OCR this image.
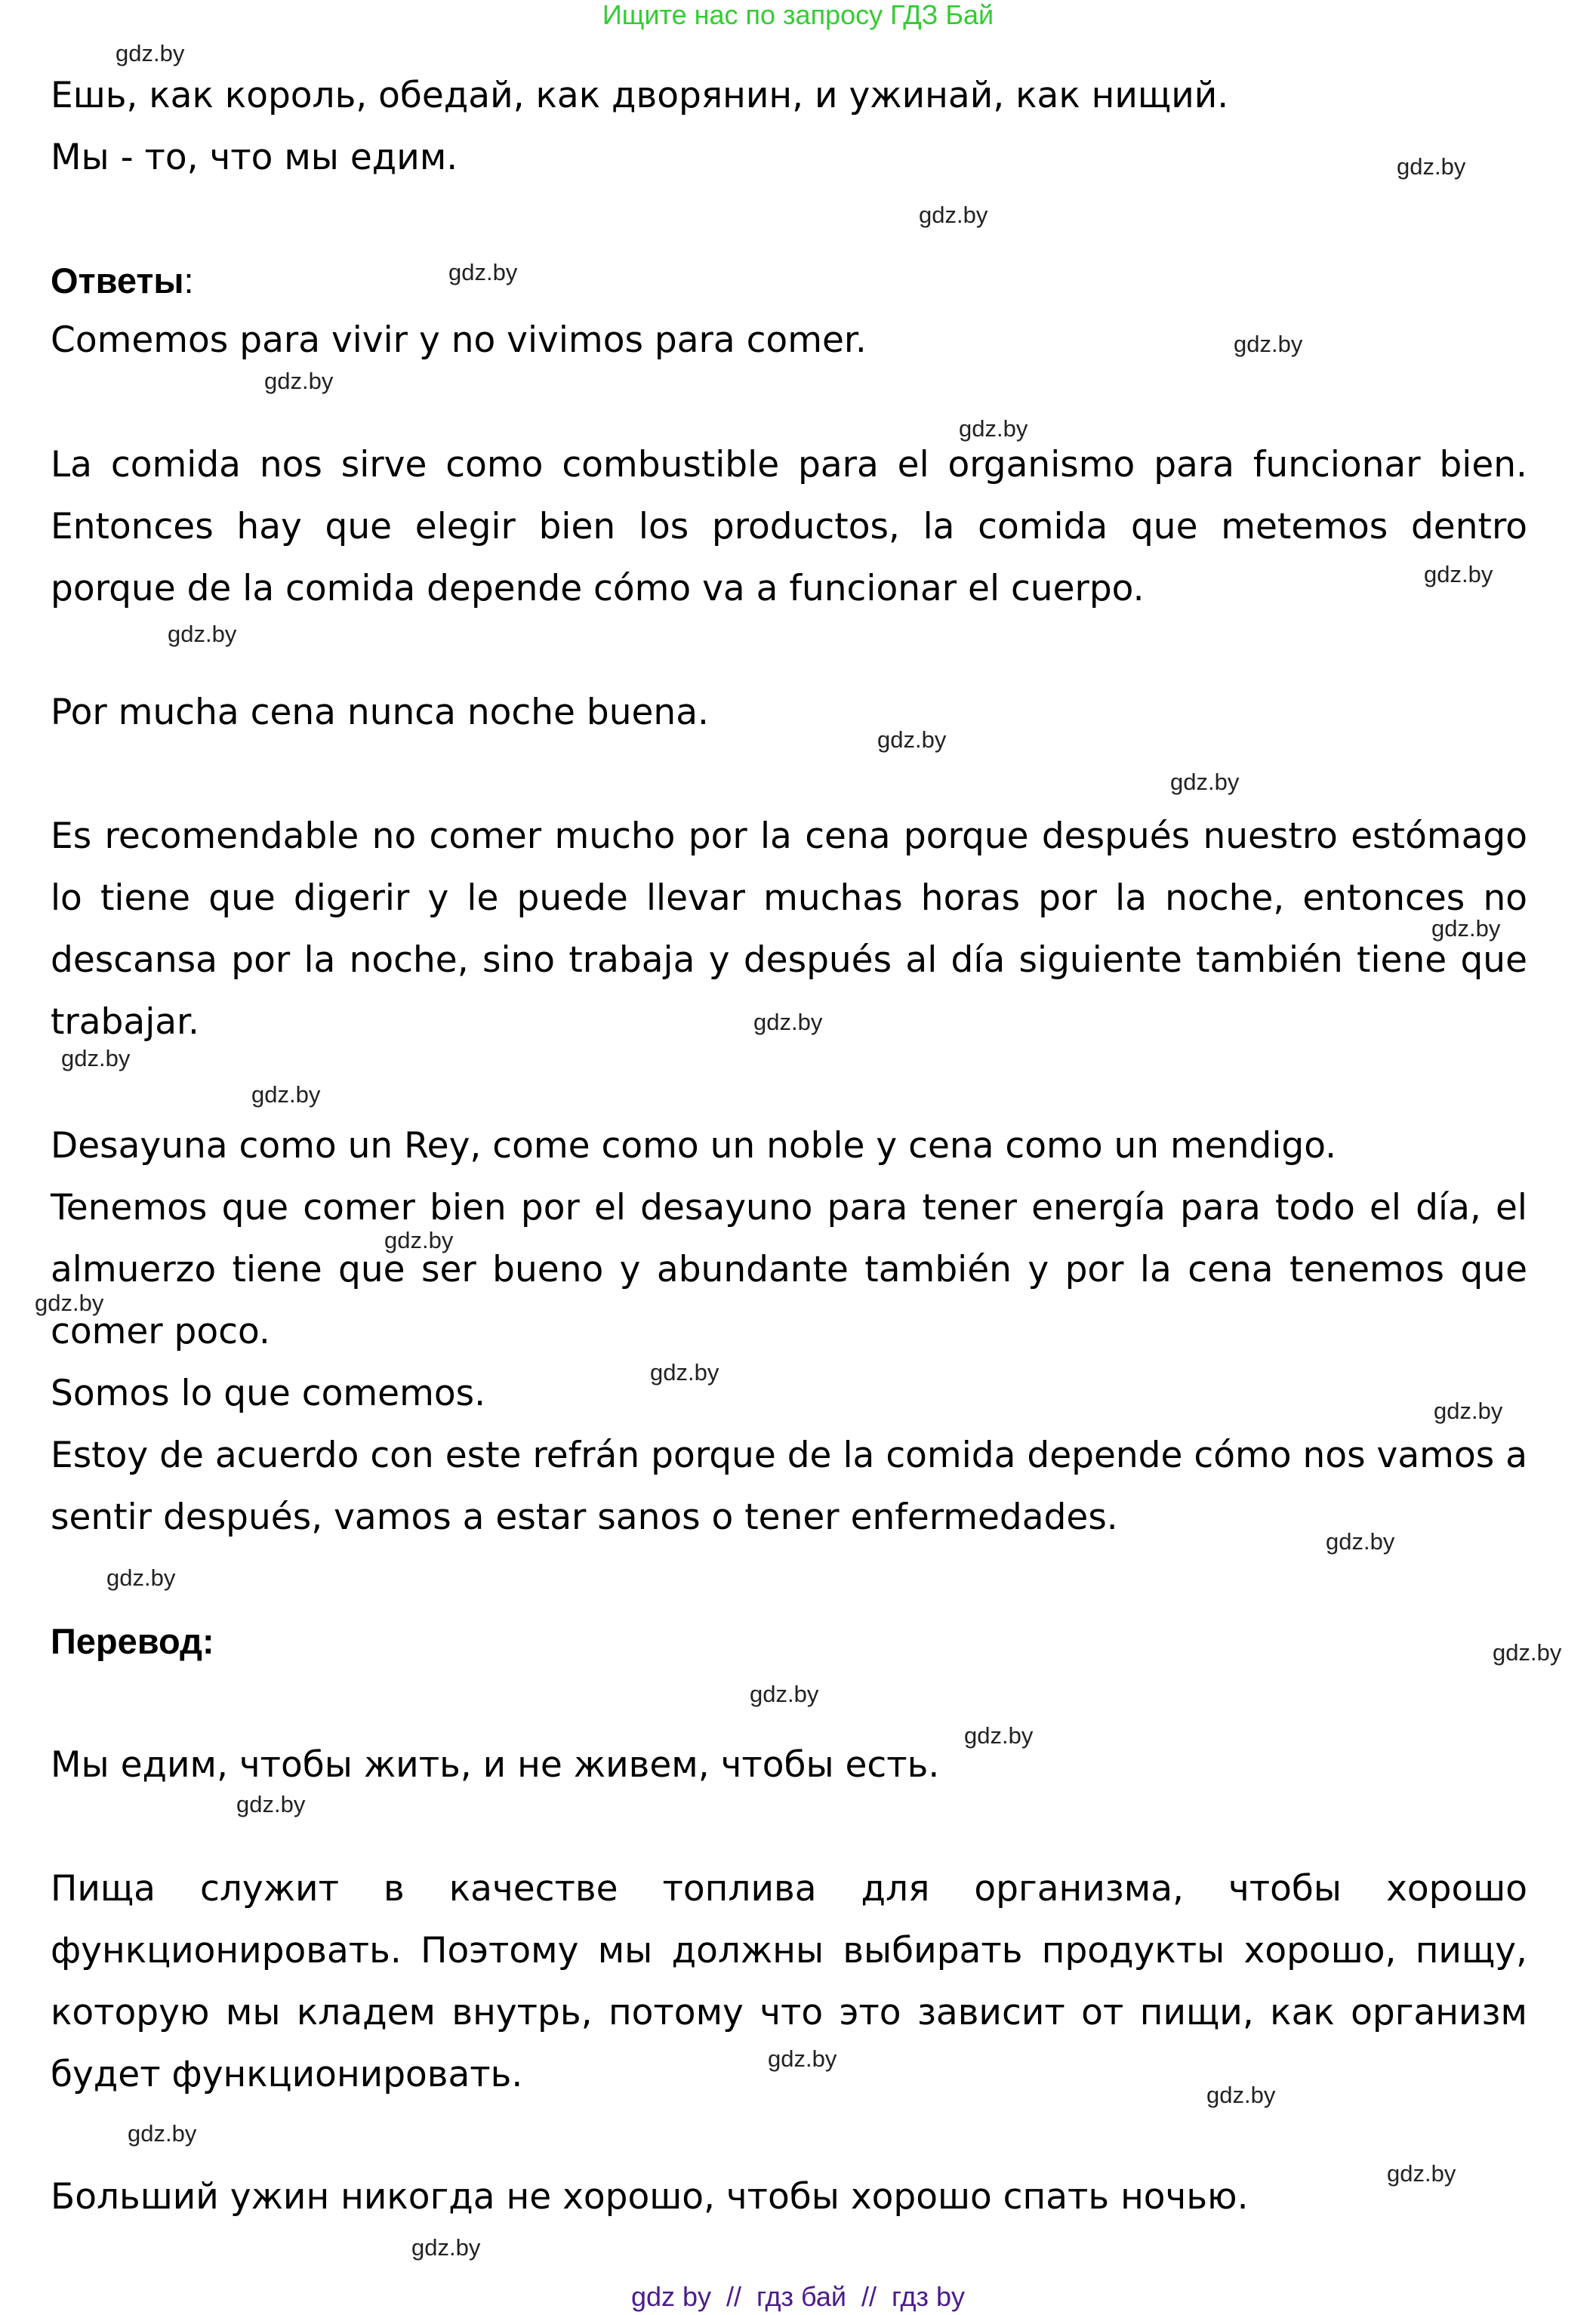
Ищите нас по запросу ГДЗ Бай
Ешь, как король, обедай, как дворянин, и ужинай, как нищий.
Мы - то, что мы едим.
Ответы:
Comemos para vivir y no vivimos para comer.
La comida nos sirve como combustible para el organismo para funcionar bien. Entonces hay que elegir bien los productos, la comida que metemos dentro porque de la comida depende cómo va a funcionar el cuerpo.
Por mucha cena nunca noche buena.
Es recomendable no comer mucho por la cena porque después nuestro estómago lo tiene que digerir y le puede llevar muchas horas por la noche, entonces no descansa por la noche, sino trabaja y después al día siguiente también tiene que trabajar.
Desayuna como un Rey, come como un noble y cena como un mendigo.
Tenemos que comer bien por el desayuno para tener energía para todo el día, el almuerzo tiene que ser bueno y abundante también y por la cena tenemos que comer poco.
Somos lo que comemos.
Estoy de acuerdo con este refrán porque de la comida depende cómo nos vamos a sentir después, vamos a estar sanos o tener enfermedades.
Перевод:
Мы едим, чтобы жить, и не живем, чтобы есть.
Пища служит в качестве топлива для организма, чтобы хорошо функционировать. Поэтому мы должны выбирать продукты хорошо, пищу, которую мы кладем внутрь, потому что это зависит от пищи, как организм будет функционировать.
Больший ужин никогда не хорошо, чтобы хорошо спать ночью.
gdz.by
gdz.by
gdz.by
gdz.by
gdz.by
gdz.by
gdz.by
gdz.by
gdz.by
gdz.by
gdz.by
gdz.by
gdz.by
gdz.by
gdz.by
gdz.by
gdz.by
gdz.by
gdz.by
gdz.by
gdz.by
gdz.by
gdz.by
gdz.by
gdz.by
gdz.by
gdz.by
gdz.by
gdz.by
gdz.by
gdz by  //  гдз бай  //  гдз by
